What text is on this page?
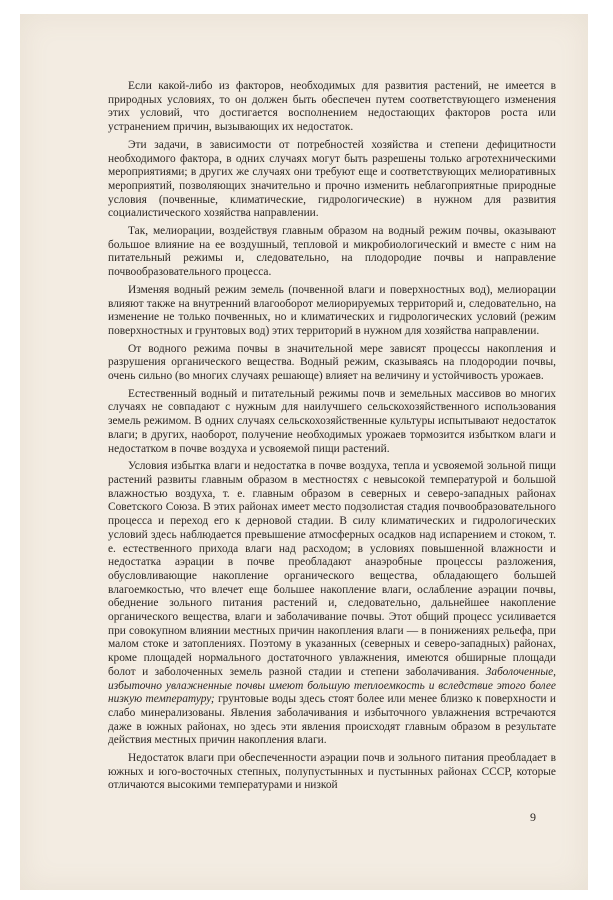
Если какой-либо из факторов, необходимых для развития растений, не имеется в природных условиях, то он должен быть обеспечен путем соответствующего изменения этих условий, что достигается восполнением недостающих факторов роста или устранением причин, вызывающих их недостаток.

Эти задачи, в зависимости от потребностей хозяйства и степени дефицитности необходимого фактора, в одних случаях могут быть разрешены только агротехническими мероприятиями; в других же случаях они требуют еще и соответствующих мелиоративных мероприятий, позволяющих значительно и прочно изменить неблагоприятные природные условия (почвенные, климатические, гидрологические) в нужном для развития социалистического хозяйства направлении.

Так, мелиорации, воздействуя главным образом на водный режим почвы, оказывают большое влияние на ее воздушный, тепловой и микробиологический и вместе с ним на питательный режимы и, следовательно, на плодородие почвы и направление почвообразовательного процесса.

Изменяя водный режим земель (почвенной влаги и поверхностных вод), мелиорации влияют также на внутренний влагооборот мелиорируемых территорий и, следовательно, на изменение не только почвенных, но и климатических и гидрологических условий (режим поверхностных и грунтовых вод) этих территорий в нужном для хозяйства направлении.

От водного режима почвы в значительной мере зависят процессы накопления и разрушения органического вещества. Водный режим, сказываясь на плодородии почвы, очень сильно (во многих случаях решающе) влияет на величину и устойчивость урожаев.

Естественный водный и питательный режимы почв и земельных массивов во многих случаях не совпадают с нужным для наилучшего сельскохозяйственного использования земель режимом. В одних случаях сельскохозяйственные культуры испытывают недостаток влаги; в других, наоборот, получение необходимых урожаев тормозится избытком влаги и недостатком в почве воздуха и усвояемой пищи растений.

Условия избытка влаги и недостатка в почве воздуха, тепла и усвояемой зольной пищи растений развиты главным образом в местностях с невысокой температурой и большой влажностью воздуха, т. е. главным образом в северных и северо-западных районах Советского Союза. В этих районах имеет место подзолистая стадия почвообразовательного процесса и переход его к дерновой стадии. В силу климатических и гидрологических условий здесь наблюдается превышение атмосферных осадков над испарением и стоком, т. е. естественного прихода влаги над расходом; в условиях повышенной влажности и недостатка аэрации в почве преобладают анаэробные процессы разложения, обусловливающие накопление органического вещества, обладающего большей влагоемкостью, что влечет еще большее накопление влаги, ослабление аэрации почвы, обеднение зольного питания растений и, следовательно, дальнейшее накопление органического вещества, влаги и заболачивание почвы. Этот общий процесс усиливается при совокупном влиянии местных причин накопления влаги — в понижениях рельефа, при малом стоке и затоплениях. Поэтому в указанных (северных и северо-западных) районах, кроме площадей нормального достаточного увлажнения, имеются обширные площади болот и заболоченных земель разной стадии и степени заболачивания. Заболоченные, избыточно увлажненные почвы имеют большую теплоемкость и вследствие этого более низкую температуру; грунтовые воды здесь стоят более или менее близко к поверхности и слабо минерализованы. Явления заболачивания и избыточного увлажнения встречаются даже в южных районах, но здесь эти явления происходят главным образом в результате действия местных причин накопления влаги.

Недостаток влаги при обеспеченности аэрации почв и зольного питания преобладает в южных и юго-восточных степных, полупустынных и пустынных районах СССР, которые отличаются высокими температурами и низкой

9
